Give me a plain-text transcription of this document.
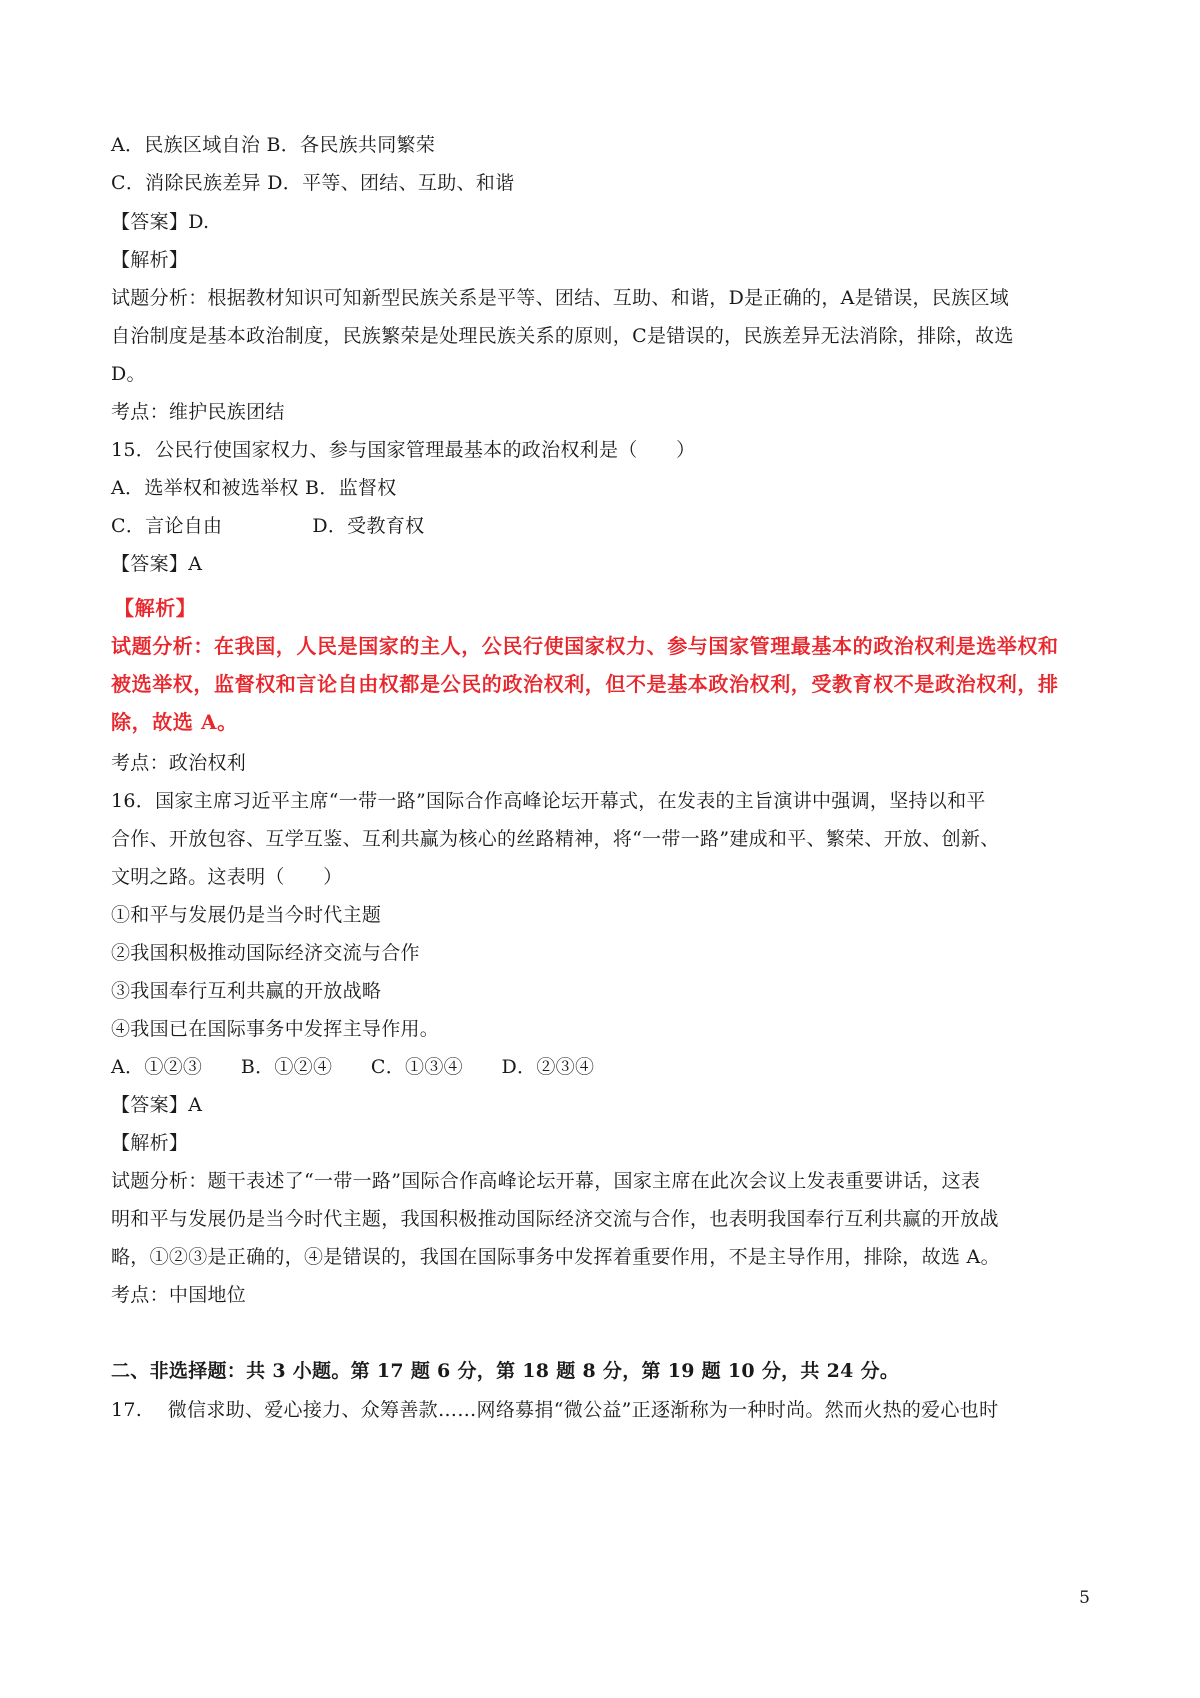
A．民族区域自治 B．各民族共同繁荣
C．消除民族差异 D．平等、团结、互助、和谐
【答案】D.
【解析】
试题分析：根据教材知识可知新型民族关系是平等、团结、互助、和谐，D是正确的，A是错误，民族区域
自治制度是基本政治制度，民族繁荣是处理民族关系的原则，C是错误的，民族差异无法消除，排除，故选
D。
考点：维护民族团结
15．公民行使国家权力、参与国家管理最基本的政治权利是（　　）
A．选举权和被选举权 B．监督权
C．言论自由	D．受教育权
【答案】A
【解析】
试题分析：在我国，人民是国家的主人，公民行使国家权力、参与国家管理最基本的政治权利是选举权和
被选举权，监督权和言论自由权都是公民的政治权利，但不是基本政治权利，受教育权不是政治权利，排
除，故选 A。
考点：政治权利
16．国家主席习近平主席“一带一路”国际合作高峰论坛开幕式，在发表的主旨演讲中强调，坚持以和平
合作、开放包容、互学互鉴、互利共赢为核心的丝路精神，将“一带一路”建成和平、繁荣、开放、创新、
文明之路。这表明（　　）
①和平与发展仍是当今时代主题
②我国积极推动国际经济交流与合作
③我国奉行互利共赢的开放战略
④我国已在国际事务中发挥主导作用。
A．①②③　　B．①②④　　C．①③④　　D．②③④
【答案】A
【解析】
试题分析：题干表述了“一带一路”国际合作高峰论坛开幕，国家主席在此次会议上发表重要讲话，这表
明和平与发展仍是当今时代主题，我国积极推动国际经济交流与合作，也表明我国奉行互利共赢的开放战
略，①②③是正确的，④是错误的，我国在国际事务中发挥着重要作用，不是主导作用，排除，故选 A。
考点：中国地位
二、非选择题：共 3 小题。第 17 题 6 分，第 18 题 8 分，第 19 题 10 分，共 24 分。
17.　 微信求助、爱心接力、众筹善款……网络募捐“微公益”正逐渐称为一种时尚。然而火热的爱心也时
5
